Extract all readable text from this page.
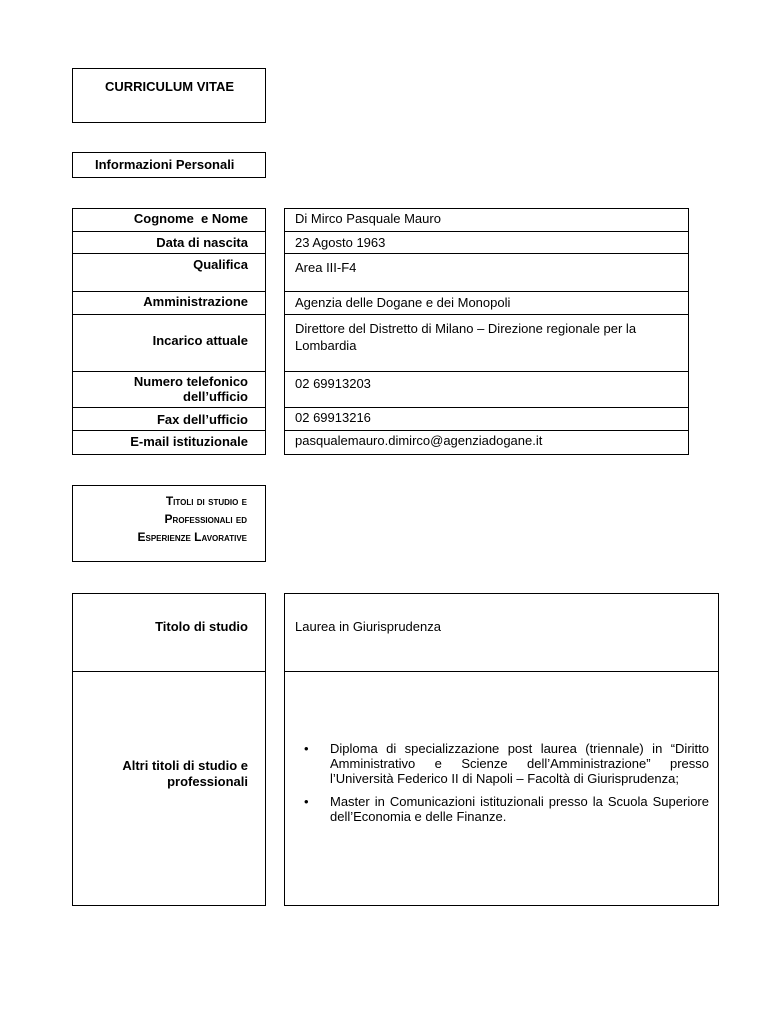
CURRICULUM VITAE
Informazioni Personali
Cognome  e Nome
Data di nascita
Qualifica
Amministrazione
Incarico attuale
Numero telefonico dell’ufficio
Fax dell’ufficio
E-mail istituzionale
Di Mirco Pasquale Mauro
23 Agosto 1963
Area III-F4
Agenzia delle Dogane e dei Monopoli
Direttore del Distretto di Milano – Direzione regionale per la Lombardia
02 69913203
02 69913216
pasqualemauro.dimirco@agenziadogane.it
Titoli di studio e
Professionali ed
Esperienze Lavorative
Titolo di studio	Laurea in Giurisprudenza
Altri titoli di studio e
professionali
• Diploma di specializzazione post laurea (triennale) in “Diritto Amministrativo e Scienze dell’Amministrazione” presso l’Università Federico II di Napoli – Facoltà di Giurisprudenza;
• Master in Comunicazioni istituzionali presso la Scuola Superiore dell’Economia e delle Finanze.
